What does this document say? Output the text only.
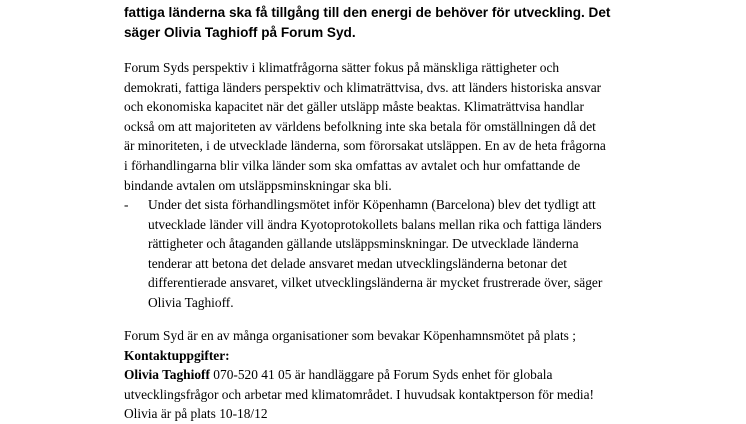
fattiga länderna ska få tillgång till den energi de behöver för utveckling. Det
säger Olivia Taghioff på Forum Syd.
Forum Syds perspektiv i klimatfrågorna sätter fokus på mänskliga rättigheter och
demokrati, fattiga länders perspektiv och klimaträttvisa, dvs. att länders historiska ansvar
och ekonomiska kapacitet när det gäller utsläpp måste beaktas. Klimaträttvisa handlar
också om att majoriteten av världens befolkning inte ska betala för omställningen då det
är minoriteten, i de utvecklade länderna, som förorsakat utsläppen. En av de heta frågorna
i förhandlingarna blir vilka länder som ska omfattas av avtalet och hur omfattande de
bindande avtalen om utsläppsminskningar ska bli.
- Under det sista förhandlingsmötet inför Köpenhamn (Barcelona) blev det tydligt att
utvecklade länder vill ändra Kyotoprotokollets balans mellan rika och fattiga länders
rättigheter och åtaganden gällande utsläppsminskningar. De utvecklade länderna
tenderar att betona det delade ansvaret medan utvecklingsländerna betonar det
differentierade ansvaret, vilket utvecklingsländerna är mycket frustrerade över, säger
Olivia Taghioff.
Forum Syd är en av många organisationer som bevakar Köpenhamnsmötet på plats ;
Kontaktuppgifter:
Olivia Taghioff 070-520 41 05 är handläggare på Forum Syds enhet för globala
utvecklingsfrågor och arbetar med klimatområdet. I huvudsak kontaktperson för media!
Olivia är på plats 10-18/12
